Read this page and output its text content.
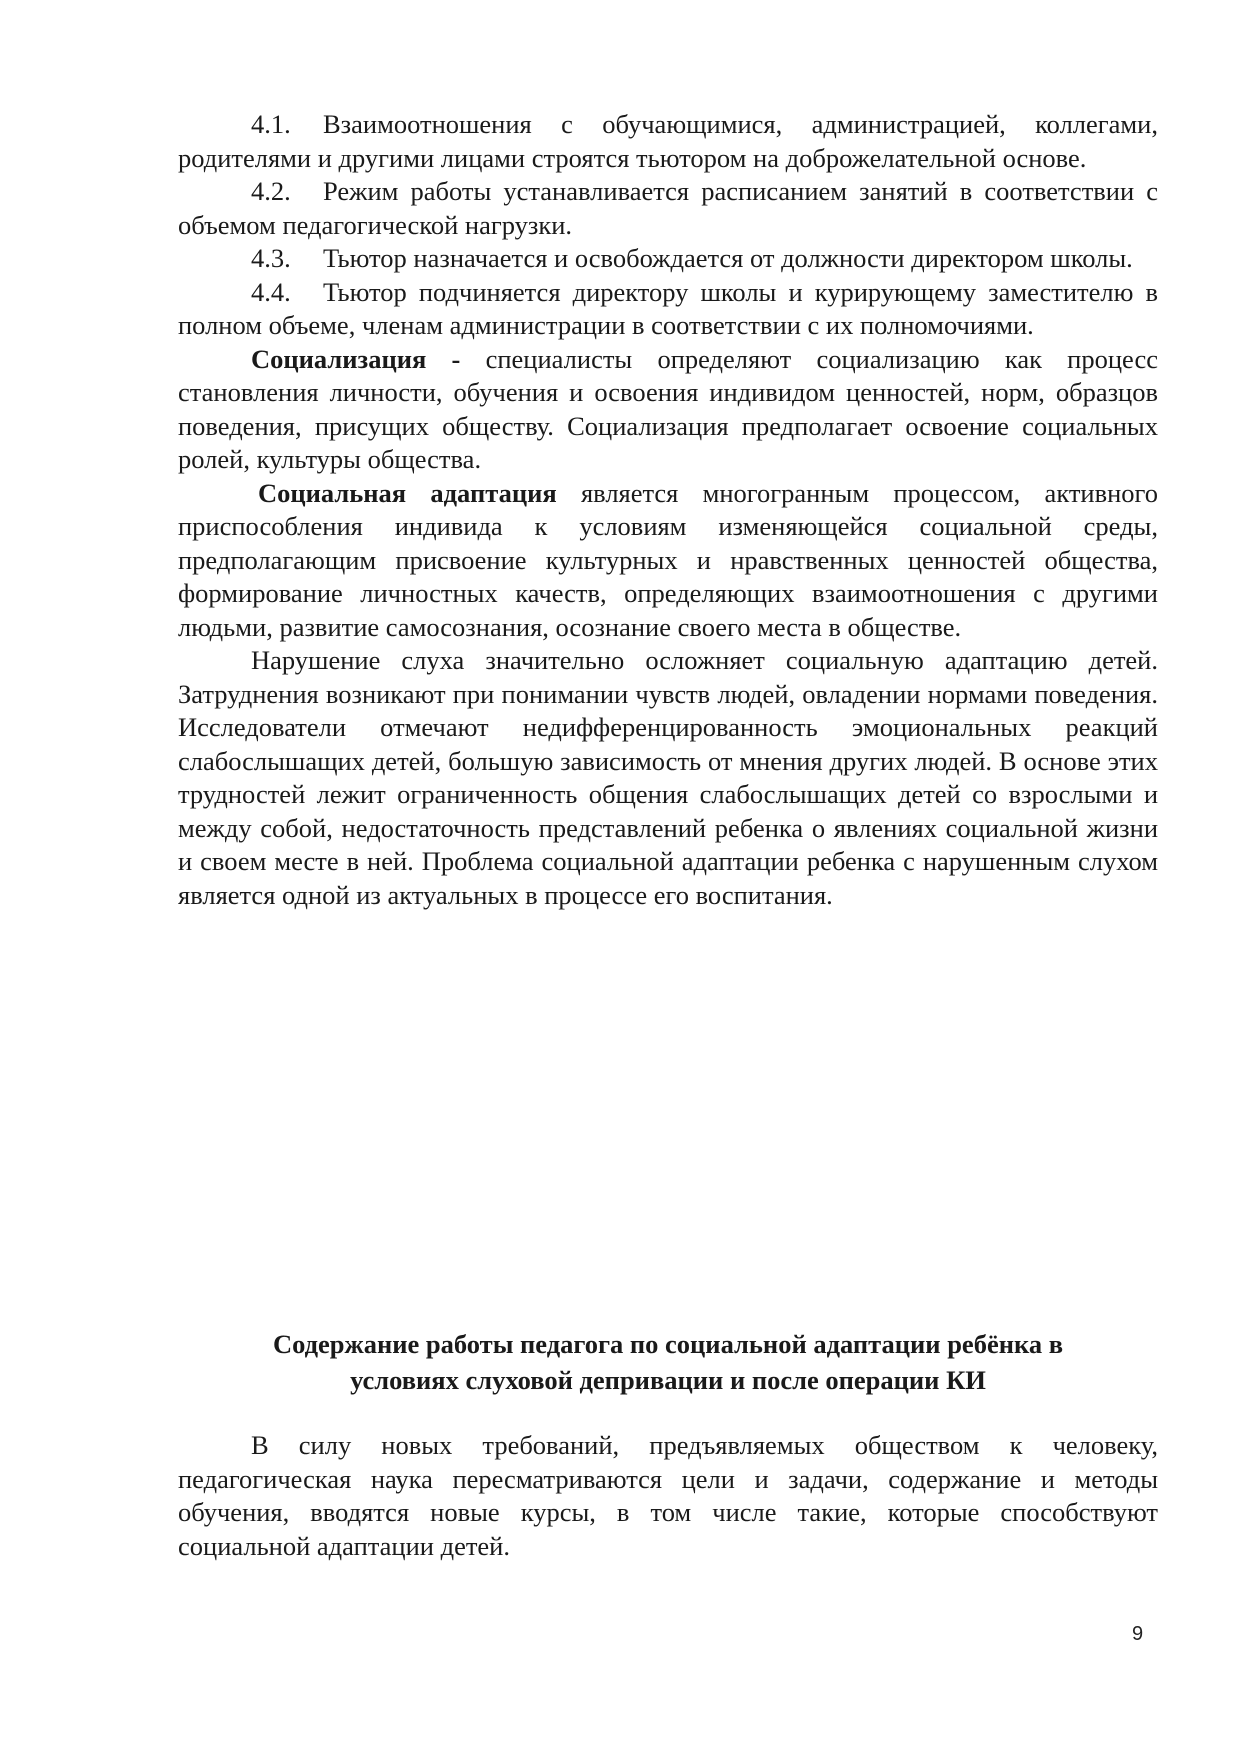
4.1. Взаимоотношения с обучающимися, администрацией, коллегами, родителями и другими лицами строятся тьютором на доброжелательной основе.

4.2. Режим работы устанавливается расписанием занятий в соответствии с объемом педагогической нагрузки.

4.3. Тьютор назначается и освобождается от должности директором школы.

4.4. Тьютор подчиняется директору школы и курирующему заместителю в полном объеме, членам администрации в соответствии с их полномочиями.

Социализация - специалисты определяют социализацию как процесс становления личности, обучения и освоения индивидом ценностей, норм, образцов поведения, присущих обществу. Социализация предполагает освоение социальных ролей, культуры общества.

Социальная адаптация является многогранным процессом, активного приспособления индивида к условиям изменяющейся социальной среды, предполагающим присвоение культурных и нравственных ценностей общества, формирование личностных качеств, определяющих взаимоотношения с другими людьми, развитие самосознания, осознание своего места в обществе.

Нарушение слуха значительно осложняет социальную адаптацию детей. Затруднения возникают при понимании чувств людей, овладении нормами поведения. Исследователи отмечают недифференцированность эмоциональных реакций слабослышащих детей, большую зависимость от мнения других людей. В основе этих трудностей лежит ограниченность общения слабослышащих детей со взрослыми и между собой, недостаточность представлений ребенка о явлениях социальной жизни и своем месте в ней. Проблема социальной адаптации ребенка с нарушенным слухом является одной из актуальных в процессе его воспитания.

Содержание работы педагога по социальной адаптации ребёнка в
условиях слуховой депривации и после операции КИ

В силу новых требований, предъявляемых обществом к человеку, педагогическая наука пересматриваются цели и задачи, содержание и методы обучения, вводятся новые курсы, в том числе такие, которые способствуют социальной адаптации детей.

9
